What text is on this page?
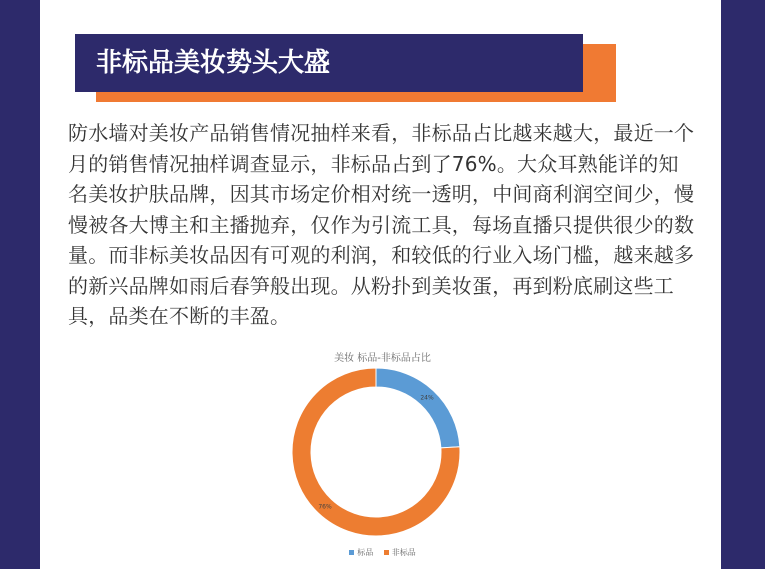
非标品美妆势头大盛
防水墙对美妆产品销售情况抽样来看，非标品占比越来越大，最近一个月的销售情况抽样调查显示，非标品占到了76%。大众耳熟能详的知名美妆护肤品牌，因其市场定价相对统一透明，中间商利润空间少，慢慢被各大博主和主播抛弃，仅作为引流工具，每场直播只提供很少的数量。而非标美妆品因有可观的利润，和较低的行业入场门槛，越来越多的新兴品牌如雨后春笋般出现。从粉扑到美妆蛋，再到粉底刷这些工具，品类在不断的丰盈。
美妆 标品-非标品占比
24%
76%
标品
非标品
